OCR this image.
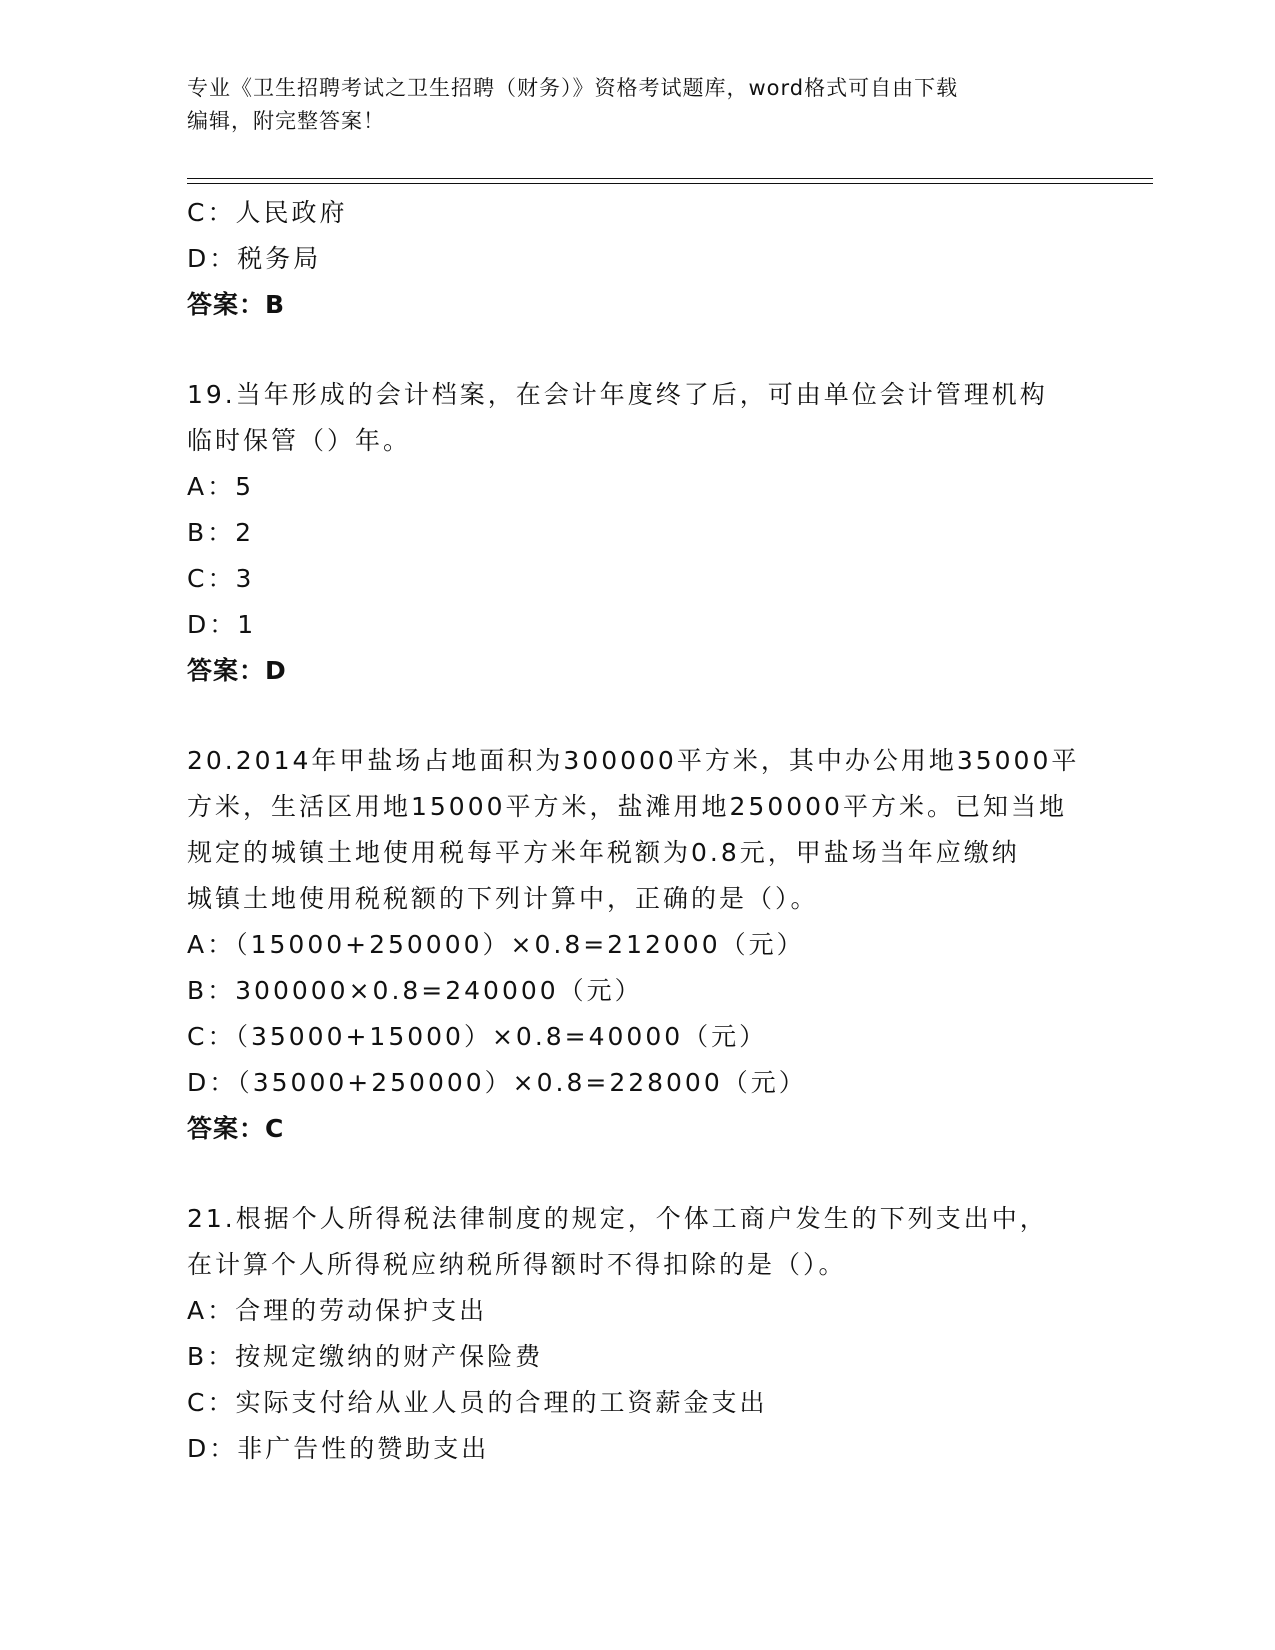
专业《卫生招聘考试之卫生招聘（财务）》资格考试题库，word格式可自由下载
编辑，附完整答案！
C：人民政府
D：税务局
答案：B
19.当年形成的会计档案，在会计年度终了后，可由单位会计管理机构
临时保管（）年。
A：5
B：2
C：3
D：1
答案：D
20.2014年甲盐场占地面积为300000平方米，其中办公用地35000平
方米，生活区用地15000平方米，盐滩用地250000平方米。已知当地
规定的城镇土地使用税每平方米年税额为0.8元，甲盐场当年应缴纳
城镇土地使用税税额的下列计算中，正确的是（）。
A：（15000+250000）×0.8=212000（元）
B：300000×0.8=240000（元）
C：（35000+15000）×0.8=40000（元）
D：（35000+250000）×0.8=228000（元）
答案：C
21.根据个人所得税法律制度的规定，个体工商户发生的下列支出中，
在计算个人所得税应纳税所得额时不得扣除的是（）。
A：合理的劳动保护支出
B：按规定缴纳的财产保险费
C：实际支付给从业人员的合理的工资薪金支出
D：非广告性的赞助支出
